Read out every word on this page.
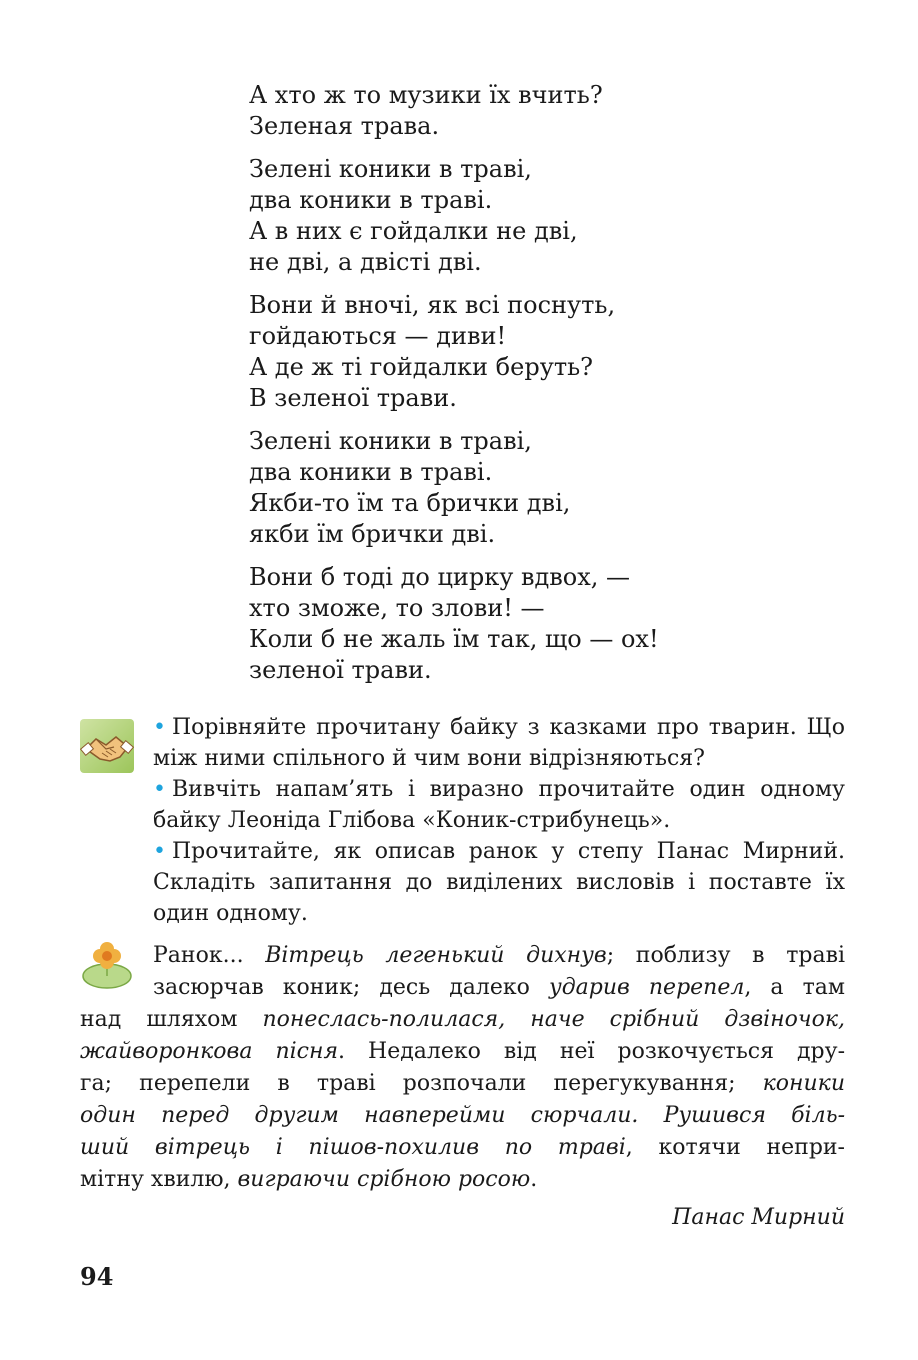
А хто ж то музики їх вчить?
Зеленая трава.
Зелені коники в траві,
два коники в траві.
А в них є гойдалки не дві,
не дві, а двісті дві.
Вони й вночі, як всі поснуть,
гойдаються — диви!
А де ж ті гойдалки беруть?
В зеленої трави.
Зелені коники в траві,
два коники в траві.
Якби-то їм та брички дві,
якби їм брички дві.
Вони б тоді до цирку вдвох, —
хто зможе, то злови! —
Коли б не жаль їм так, що — ох!
зеленої трави.

• Порівняйте прочитану байку з казками про тварин. Що між ними спільного й чим вони відрізняються?

• Вивчіть напам’ять і виразно прочитайте один одному байку Леоніда Глібова «Коник-стрибунець».

• Прочитайте, як описав ранок у степу Панас Мирний. Складіть запитання до виділених висловів і поставте їх один одному.

Ранок... Вітрець легенький дихнув; поблизу в траві
засюрчав коник; десь далеко ударив перепел, а там
над шляхом понеслась-полилася, наче срібний дзвіночок,
жайворонкова пісня. Недалеко від неї розкочується дру-
га; перепели в траві розпочали перегукування; коники
один перед другим навперейми сюрчали. Рушився біль-
ший вітрець і пішов-похилив по траві, котячи непри-
мітну хвилю, виграючи срібною росою.
Панас Мирний
94
